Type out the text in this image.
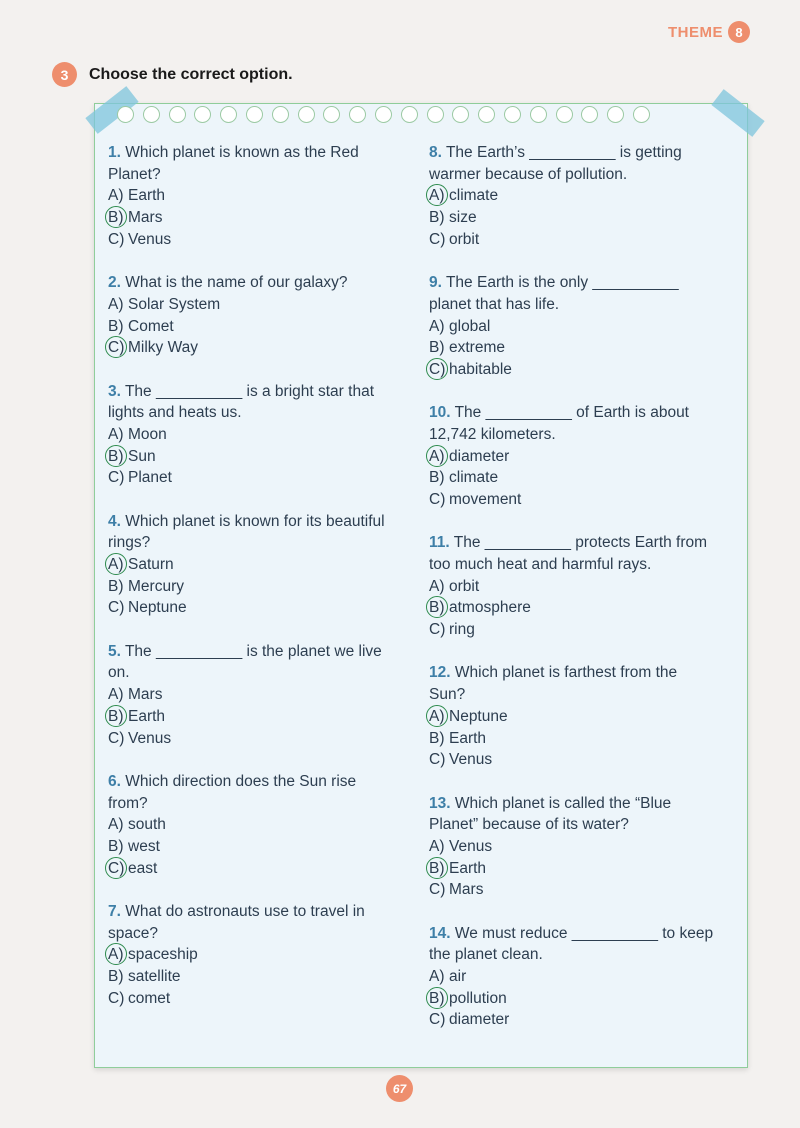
THEME 8
3	Choose the correct option.
1. Which planet is known as the Red
Planet?
A) Earth
B) Mars
C) Venus
2. What is the name of our galaxy?
A) Solar System
B) Comet
C) Milky Way
3. The __________ is a bright star that
lights and heats us.
A) Moon
B) Sun
C) Planet
4. Which planet is known for its beautiful
rings?
A) Saturn
B) Mercury
C) Neptune
5. The __________ is the planet we live
on.
A) Mars
B) Earth
C) Venus
6. Which direction does the Sun rise
from?
A) south
B) west
C) east
7. What do astronauts use to travel in
space?
A) spaceship
B) satellite
C) comet
8. The Earth’s __________ is getting
warmer because of pollution.
A) climate
B) size
C) orbit
9. The Earth is the only __________
planet that has life.
A) global
B) extreme
C) habitable
10. The __________ of Earth is about
12,742 kilometers.
A) diameter
B) climate
C) movement
11. The __________ protects Earth from
too much heat and harmful rays.
A) orbit
B) atmosphere
C) ring
12. Which planet is farthest from the
Sun?
A) Neptune
B) Earth
C) Venus
13. Which planet is called the “Blue
Planet” because of its water?
A) Venus
B) Earth
C) Mars
14. We must reduce __________ to keep
the planet clean.
A) air
B) pollution
C) diameter
67
